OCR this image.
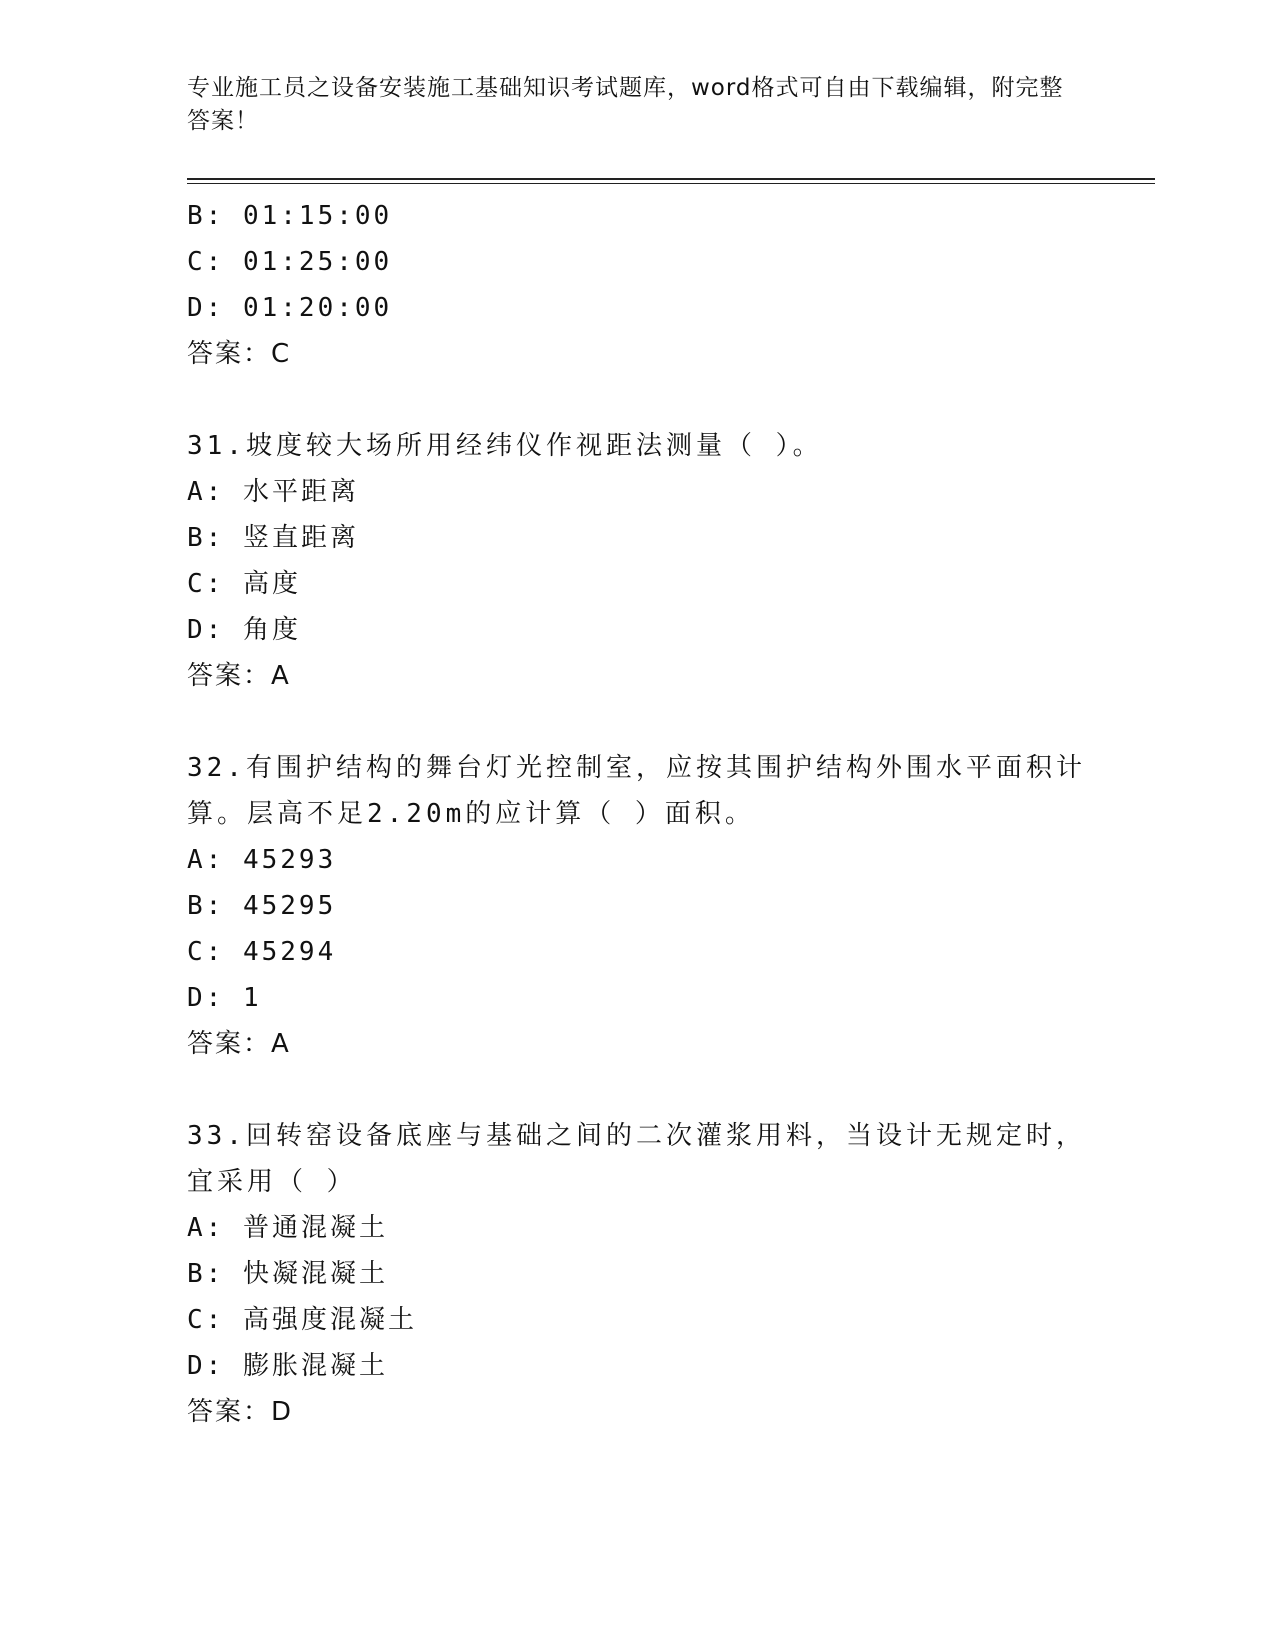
专业施工员之设备安装施工基础知识考试题库，word格式可自由下载编辑，附完整答案！
B: 01:15:00
C: 01:25:00
D: 01:20:00
答案：C
31.坡度较大场所用经纬仪作视距法测量（ ）。
A: 水平距离
B: 竖直距离
C: 高度
D: 角度
答案：A
32.有围护结构的舞台灯光控制室，应按其围护结构外围水平面积计算。层高不足2.20m的应计算（ ）面积。
A: 45293
B: 45295
C: 45294
D: 1
答案：A
33.回转窑设备底座与基础之间的二次灌浆用料，当设计无规定时，宜采用（ ）
A: 普通混凝土
B: 快凝混凝土
C: 高强度混凝土
D: 膨胀混凝土
答案：D
